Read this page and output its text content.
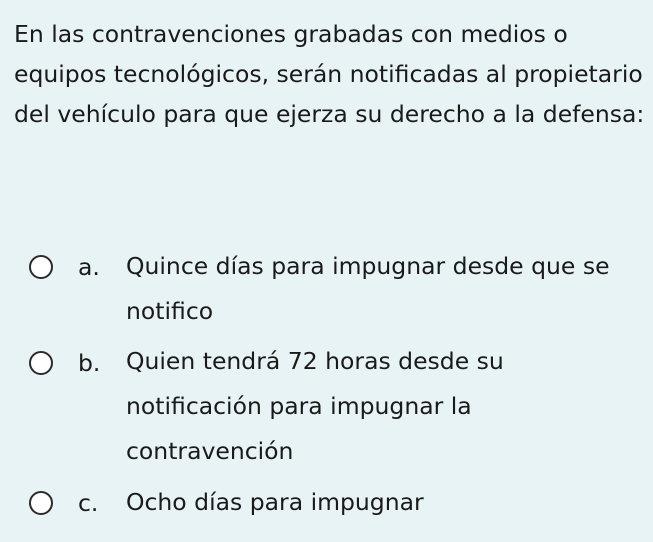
En las contravenciones grabadas con medios o equipos tecnológicos, serán notificadas al propietario del vehículo para que ejerza su derecho a la defensa:

a. Quince días para impugnar desde que se notifico
b. Quien tendrá 72 horas desde su notificación para impugnar la contravención
c. Ocho días para impugnar
